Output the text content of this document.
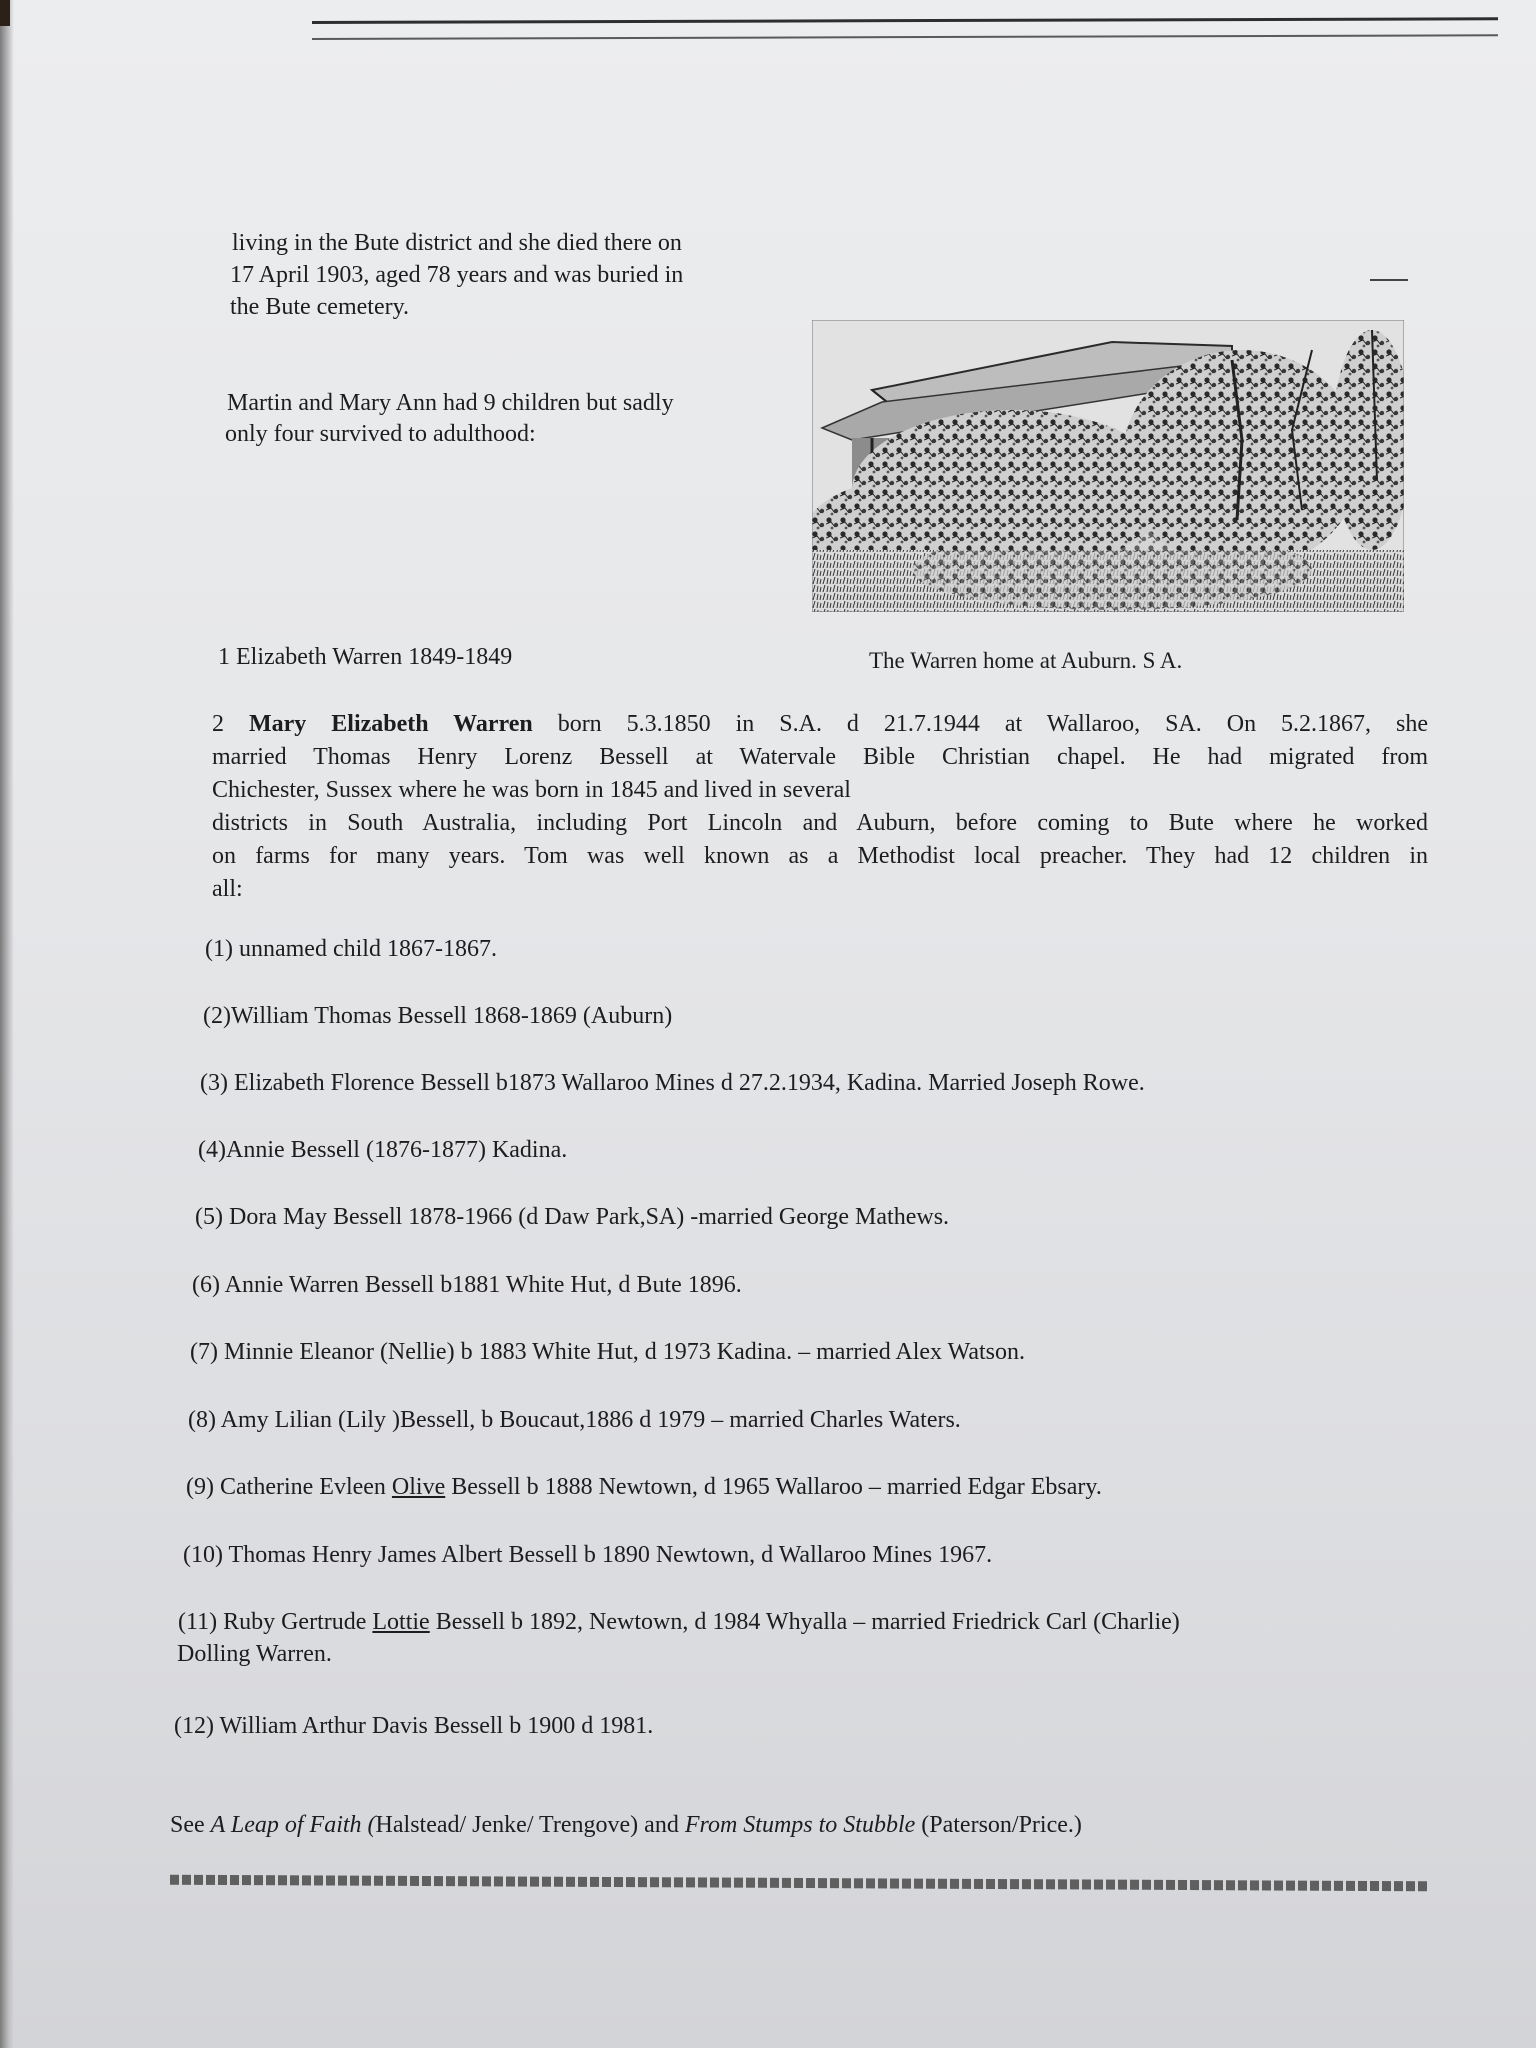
living in the Bute district and she died there on
17 April 1903, aged 78 years and was buried in
the Bute cemetery.
Martin and Mary Ann had 9 children but sadly
only four survived to adulthood:
The Warren home at Auburn. S A.
1 Elizabeth Warren 1849-1849
2 Mary Elizabeth Warren born 5.3.1850 in S.A. d 21.7.1944 at Wallaroo, SA. On 5.2.1867, she
married Thomas Henry Lorenz Bessell at Watervale Bible Christian chapel. He had migrated from
Chichester, Sussex where he was born in 1845 and lived in several
districts in South Australia, including Port Lincoln and Auburn, before coming to Bute where he worked
on farms for many years. Tom was well known as a Methodist local preacher. They had 12 children in
all:
(1) unnamed child 1867-1867.
(2)William Thomas Bessell 1868-1869 (Auburn)
(3) Elizabeth Florence Bessell b1873 Wallaroo Mines d 27.2.1934, Kadina. Married Joseph Rowe.
(4)Annie Bessell (1876-1877) Kadina.
(5) Dora May Bessell 1878-1966 (d Daw Park,SA) -married George Mathews.
(6) Annie Warren Bessell b1881 White Hut, d Bute 1896.
(7) Minnie Eleanor (Nellie) b 1883 White Hut, d 1973 Kadina. – married Alex Watson.
(8) Amy Lilian (Lily )Bessell, b Boucaut,1886 d 1979 – married Charles Waters.
(9) Catherine Evleen Olive Bessell b 1888 Newtown, d 1965 Wallaroo – married Edgar Ebsary.
(10) Thomas Henry James Albert Bessell b 1890 Newtown, d Wallaroo Mines 1967.
(11) Ruby Gertrude Lottie Bessell b 1892, Newtown, d 1984 Whyalla – married Friedrick Carl (Charlie)
Dolling Warren.
(12) William Arthur Davis Bessell b 1900 d 1981.
See A Leap of Faith (Halstead/ Jenke/ Trengove) and From Stumps to Stubble (Paterson/Price.)
